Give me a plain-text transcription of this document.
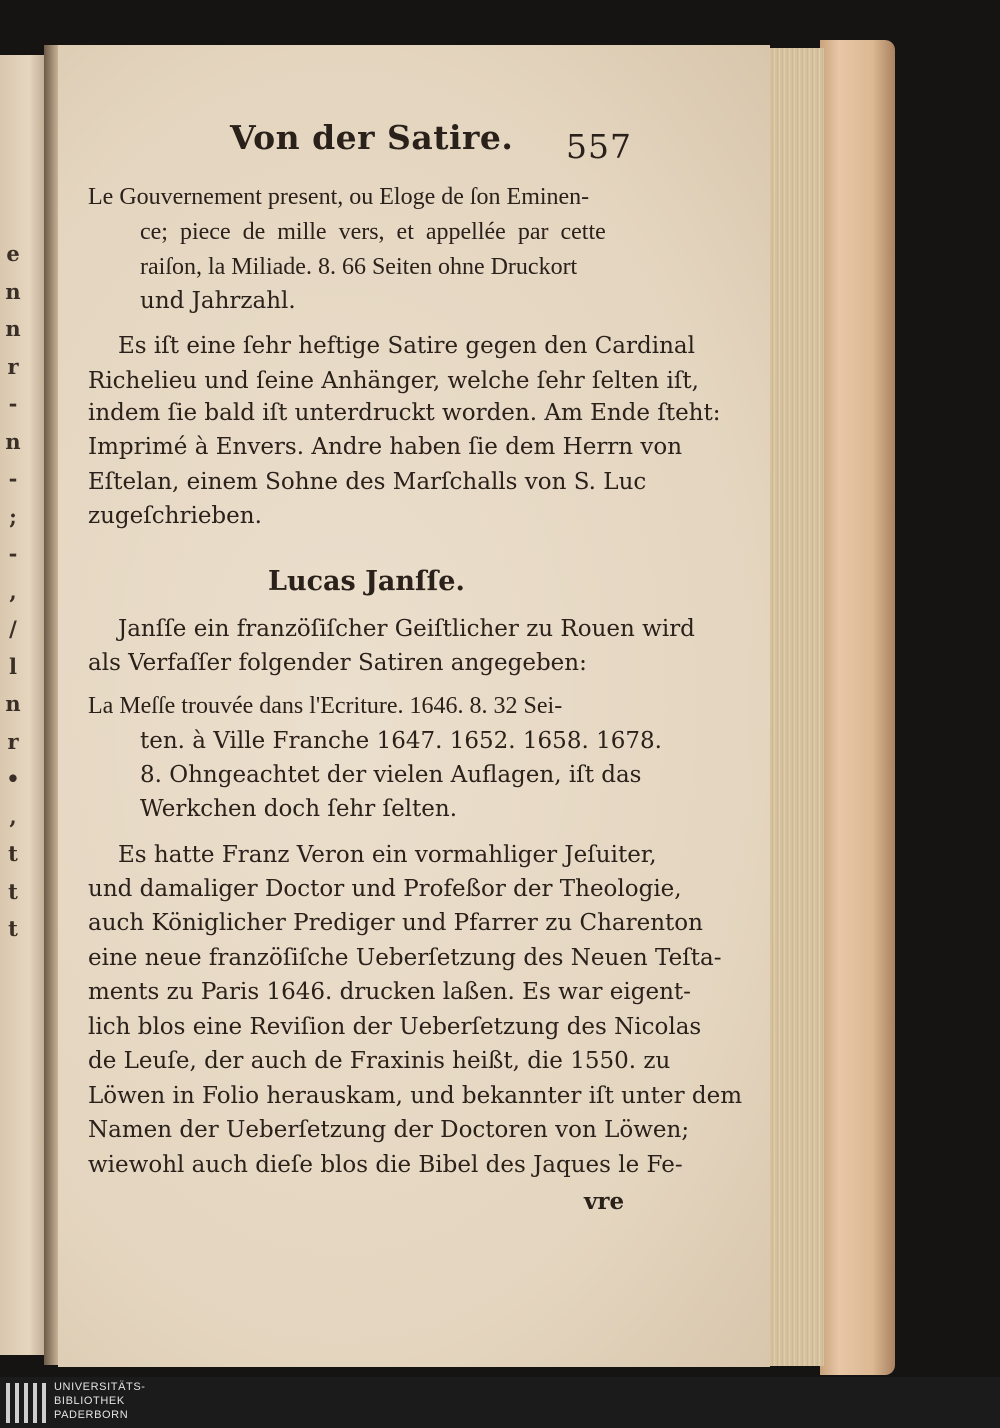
e
n
n
r
-
n
-
;
-
,
/
l
n
r
•
,
t
t
t
Von der Satire. 557
Le Gouvernement present, ou Eloge de ſon Eminen-
ce; piece de mille vers, et appellée par cette
raiſon, la Miliade. 8. 66 Seiten ohne Druckort
und Jahrzahl.
Es iſt eine ſehr heftige Satire gegen den Cardinal
Richelieu und ſeine Anhänger, welche ſehr ſelten iſt,
indem ſie bald iſt unterdruckt worden. Am Ende ſteht:
Imprimé à Envers. Andre haben ſie dem Herrn von
Eſtelan, einem Sohne des Marſchalls von S. Luc
zugeſchrieben.
Lucas Janſſe.
Janſſe ein franzöſiſcher Geiſtlicher zu Rouen wird
als Verfaſſer folgender Satiren angegeben:
La Meſſe trouvée dans l'Ecriture. 1646. 8. 32 Sei-
ten. à Ville Franche 1647. 1652. 1658. 1678.
8. Ohngeachtet der vielen Auflagen, iſt das
Werkchen doch ſehr ſelten.
Es hatte Franz Veron ein vormahliger Jeſuiter,
und damaliger Doctor und Profeßor der Theologie,
auch Königlicher Prediger und Pfarrer zu Charenton
eine neue franzöſiſche Ueberſetzung des Neuen Teſta-
ments zu Paris 1646. drucken laßen. Es war eigent-
lich blos eine Reviſion der Ueberſetzung des Nicolas
de Leuſe, der auch de Fraxinis heißt, die 1550. zu
Löwen in Folio herauskam, und bekannter iſt unter dem
Namen der Ueberſetzung der Doctoren von Löwen;
wiewohl auch dieſe blos die Bibel des Jaques le Fe-
vre
UNIVERSITÄTS-
BIBLIOTHEK
PADERBORN
